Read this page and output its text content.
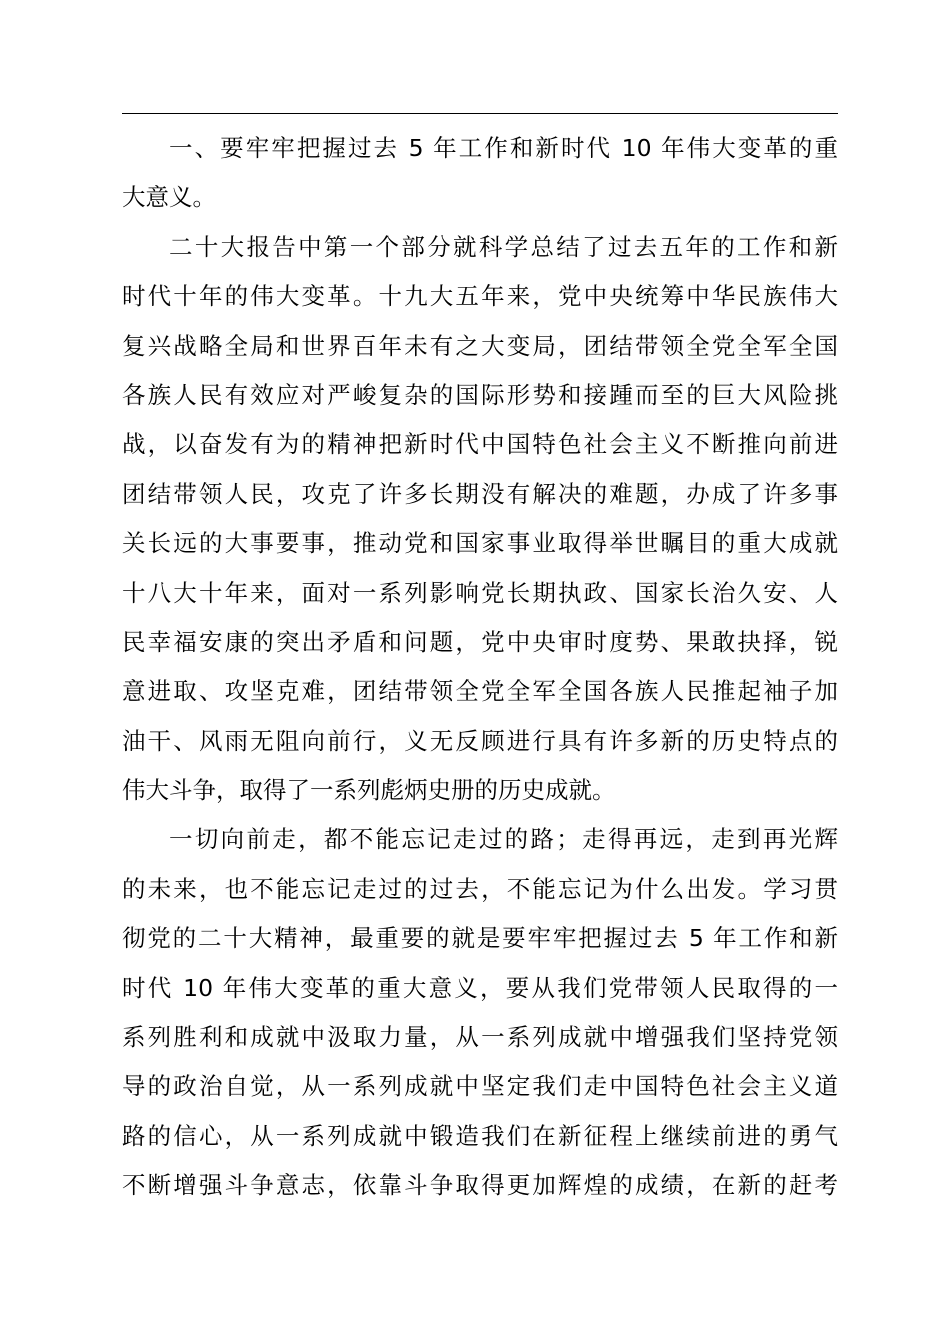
一、要牢牢把握过去 5 年工作和新时代 10 年伟大变革的重
大意义。
二十大报告中第一个部分就科学总结了过去五年的工作和新
时代十年的伟大变革。十九大五年来，党中央统筹中华民族伟大
复兴战略全局和世界百年未有之大变局，团结带领全党全军全国
各族人民有效应对严峻复杂的国际形势和接踵而至的巨大风险挑
战，以奋发有为的精神把新时代中国特色社会主义不断推向前进
团结带领人民，攻克了许多长期没有解决的难题，办成了许多事
关长远的大事要事，推动党和国家事业取得举世瞩目的重大成就
十八大十年来，面对一系列影响党长期执政、国家长治久安、人
民幸福安康的突出矛盾和问题，党中央审时度势、果敢抉择，锐
意进取、攻坚克难，团结带领全党全军全国各族人民推起袖子加
油干、风雨无阻向前行，义无反顾进行具有许多新的历史特点的
伟大斗争，取得了一系列彪炳史册的历史成就。
一切向前走，都不能忘记走过的路；走得再远，走到再光辉
的未来，也不能忘记走过的过去，不能忘记为什么出发。学习贯
彻党的二十大精神，最重要的就是要牢牢把握过去 5 年工作和新
时代 10 年伟大变革的重大意义，要从我们党带领人民取得的一
系列胜利和成就中汲取力量，从一系列成就中增强我们坚持党领
导的政治自觉，从一系列成就中坚定我们走中国特色社会主义道
路的信心，从一系列成就中锻造我们在新征程上继续前进的勇气
不断增强斗争意志，依靠斗争取得更加辉煌的成绩，在新的赶考
